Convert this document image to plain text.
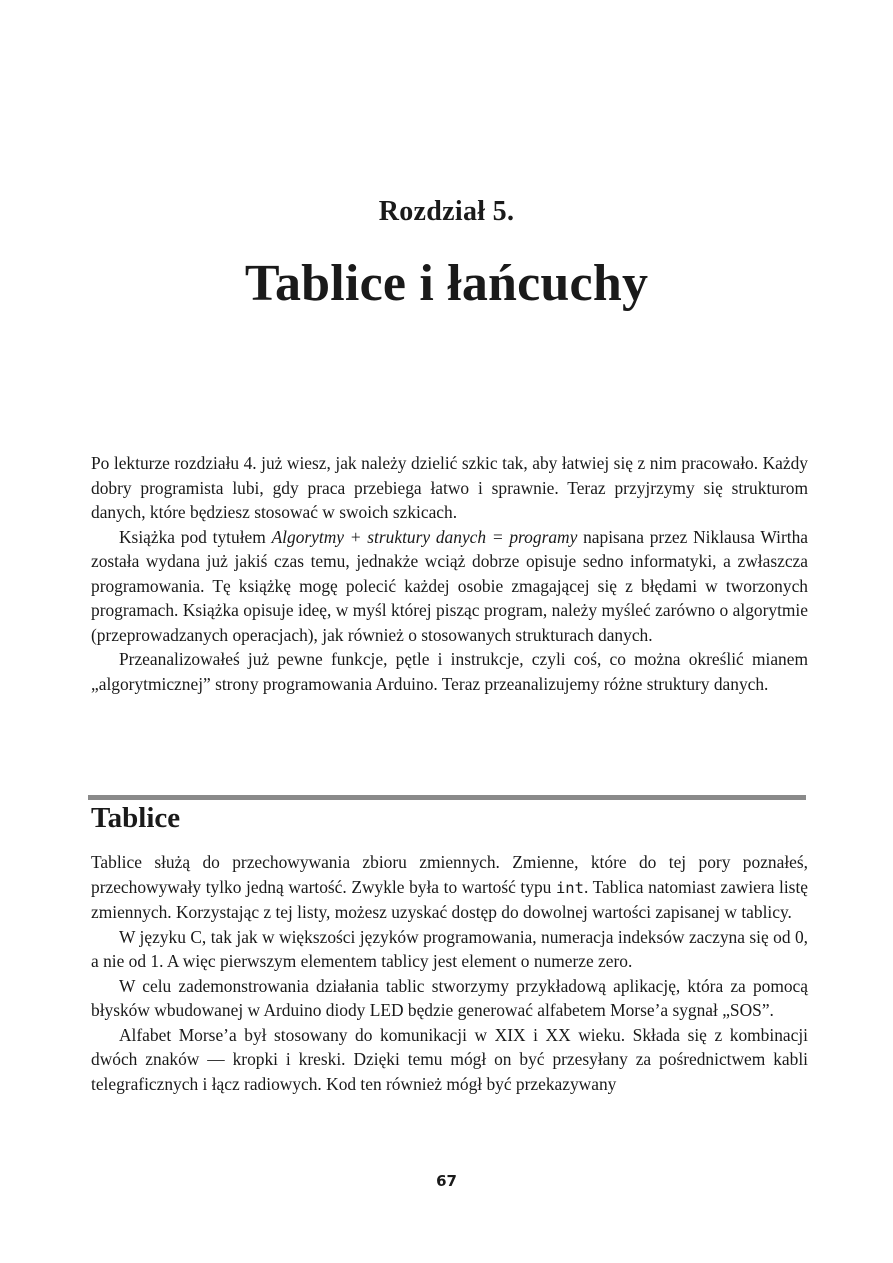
Rozdział 5.
Tablice i łańcuchy

Po lekturze rozdziału 4. już wiesz, jak należy dzielić szkic tak, aby łatwiej się z nim pracowało. Każdy dobry programista lubi, gdy praca przebiega łatwo i sprawnie. Teraz przyjrzymy się strukturom danych, które będziesz stosować w swoich szkicach.

Książka pod tytułem Algorytmy + struktury danych = programy napisana przez Niklausa Wirtha została wydana już jakiś czas temu, jednakże wciąż dobrze opisuje sedno informatyki, a zwłaszcza programowania. Tę książkę mogę polecić każdej osobie zmagającej się z błędami w tworzonych programach. Książka opisuje ideę, w myśl której pisząc program, należy myśleć zarówno o algorytmie (przeprowadzanych operacjach), jak również o stosowanych strukturach danych.

Przeanalizowałeś już pewne funkcje, pętle i instrukcje, czyli coś, co można określić mianem „algorytmicznej” strony programowania Arduino. Teraz przeanalizujemy różne struktury danych.

Tablice

Tablice służą do przechowywania zbioru zmiennych. Zmienne, które do tej pory poznałeś, przechowywały tylko jedną wartość. Zwykle była to wartość typu int. Tablica natomiast zawiera listę zmiennych. Korzystając z tej listy, możesz uzyskać dostęp do dowolnej wartości zapisanej w tablicy.

W języku C, tak jak w większości języków programowania, numeracja indeksów zaczyna się od 0, a nie od 1. A więc pierwszym elementem tablicy jest element o numerze zero.

W celu zademonstrowania działania tablic stworzymy przykładową aplikację, która za pomocą błysków wbudowanej w Arduino diody LED będzie generować alfabetem Morse’a sygnał „SOS”.

Alfabet Morse’a był stosowany do komunikacji w XIX i XX wieku. Składa się z kombinacji dwóch znaków — kropki i kreski. Dzięki temu mógł on być przesyłany za pośrednictwem kabli telegraficznych i łącz radiowych. Kod ten również mógł być przekazywany

67
